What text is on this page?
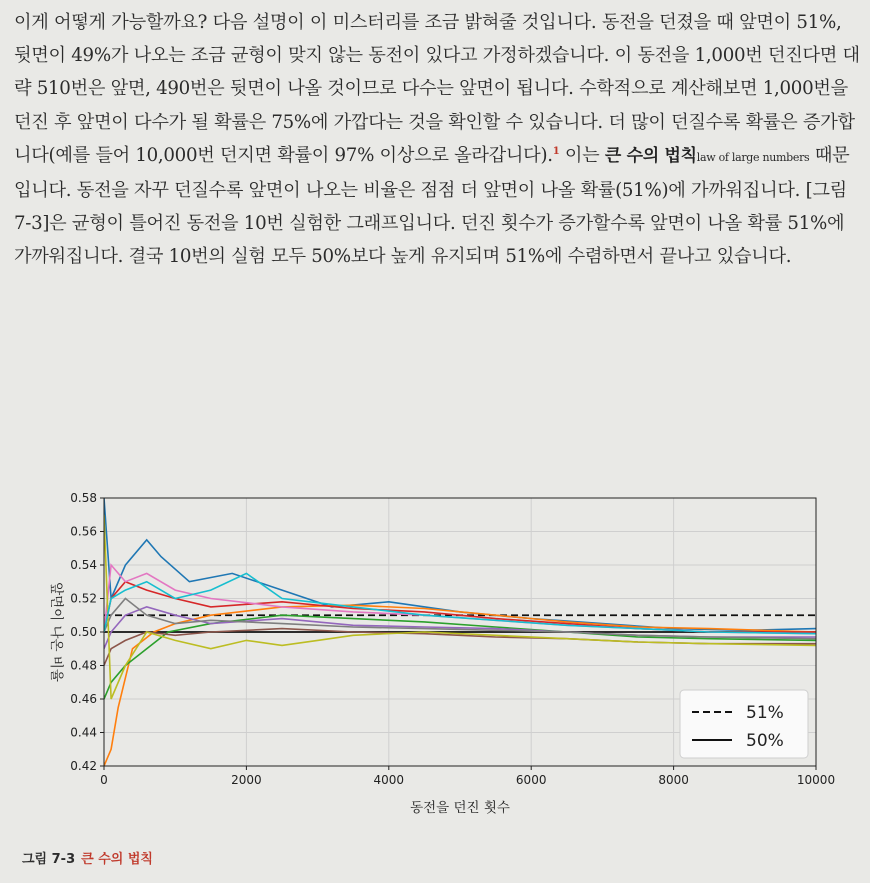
이게 어떻게 가능할까요? 다음 설명이 이 미스터리를 조금 밝혀줄 것입니다. 동전을 던졌을 때 앞면이 51%, 뒷면이 49%가 나오는 조금 균형이 맞지 않는 동전이 있다고 가정하겠습니다. 이 동전을 1,000번 던진다면 대략 510번은 앞면, 490번은 뒷면이 나올 것이므로 다수는 앞면이 됩니다. 수학적으로 계산해보면 1,000번을 던진 후 앞면이 다수가 될 확률은 75%에 가깝다는 것을 확인할 수 있습니다. 더 많이 던질수록 확률은 증가합니다(예를 들어 10,000번 던지면 확률이 97% 이상으로 올라갑니다).$^1$ 이는 큰 수의 법칙law of large numbers 때문입니다. 동전을 자꾸 던질수록 앞면이 나오는 비율은 점점 더 앞면이 나올 확률(51%)에 가까워집니다. [그림 7-3]은 균형이 틀어진 동전을 10번 실험한 그래프입니다. 던진 횟수가 증가할수록 앞면이 나올 확률 51%에 가까워집니다. 결국 10번의 실험 모두 50%보다 높게 유지되며 51%에 수렴하면서 끝나고 있습니다.

0.42
0.44
0.46
0.48
0.50
0.52
0.54
0.56
0.58
0	2000	4000	6000	8000	10000
동전을 던진 횟수
앞면이 나온 비율
51%
50%
그림 7-3 큰 수의 법칙
